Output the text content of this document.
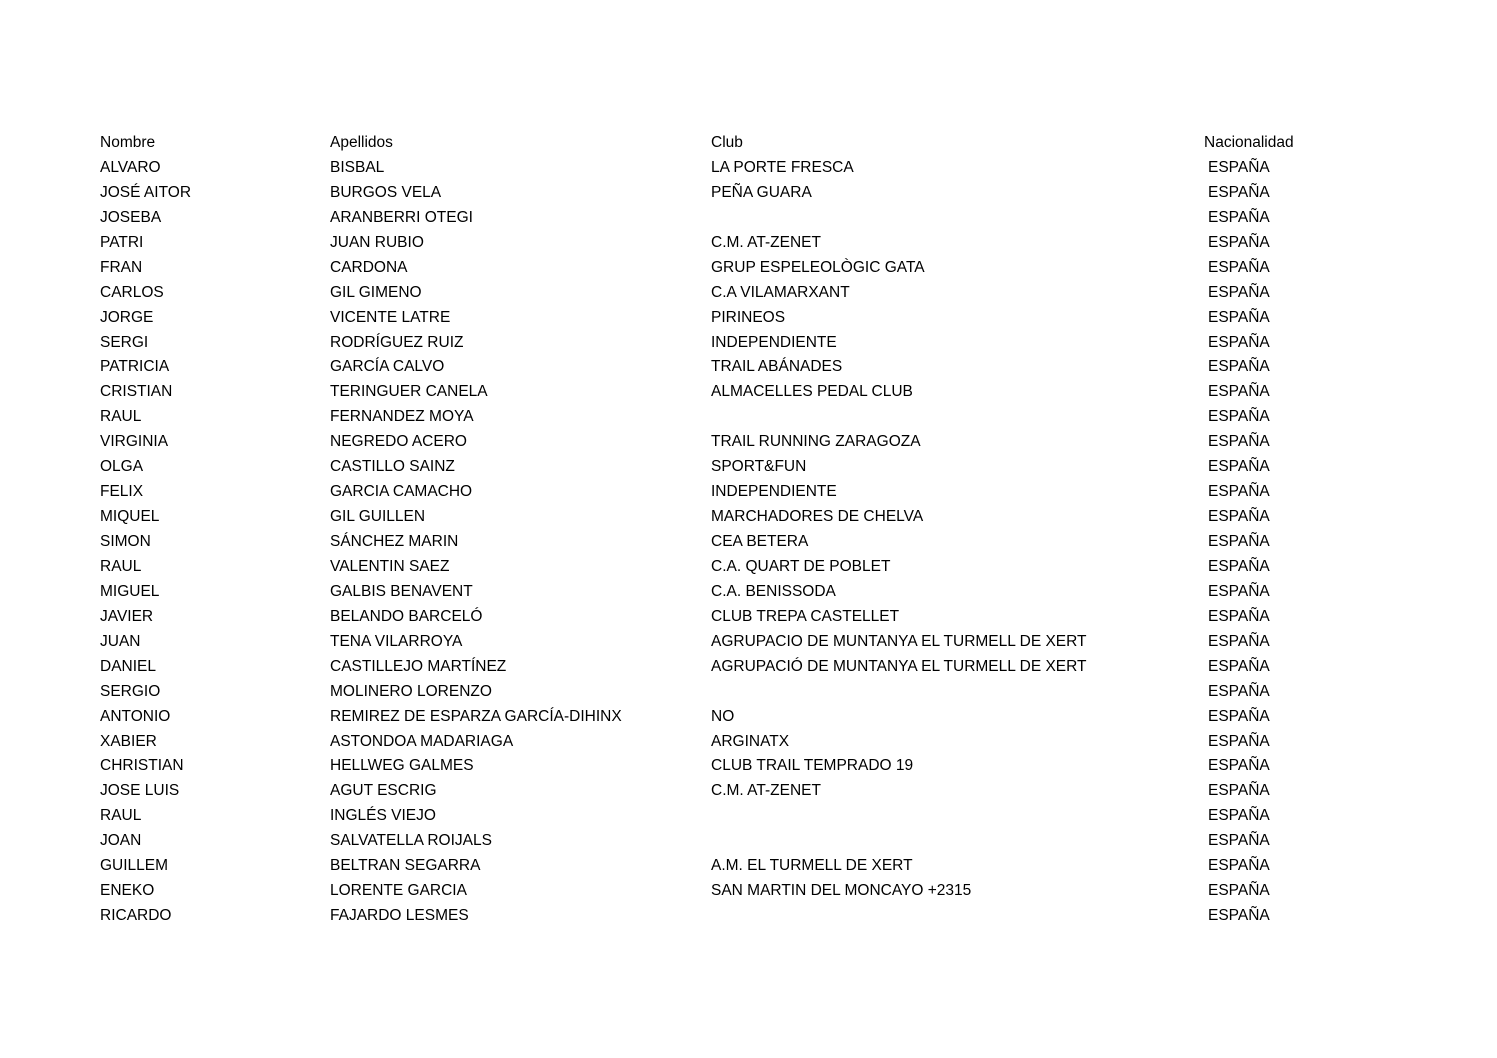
Nombre	Apellidos	Club	Nacionalidad
ALVARO	BISBAL	LA PORTE FRESCA	ESPAÑA
JOSÉ AITOR	BURGOS VELA	PEÑA GUARA	ESPAÑA
JOSEBA	ARANBERRI OTEGI		ESPAÑA
PATRI	JUAN RUBIO	C.M. AT-ZENET	ESPAÑA
FRAN	CARDONA	GRUP ESPELEOLÒGIC GATA	ESPAÑA
CARLOS	GIL GIMENO	C.A VILAMARXANT	ESPAÑA
JORGE	VICENTE LATRE	PIRINEOS	ESPAÑA
SERGI	RODRÍGUEZ RUIZ	INDEPENDIENTE	ESPAÑA
PATRICIA	GARCÍA CALVO	TRAIL ABÁNADES	ESPAÑA
CRISTIAN	TERINGUER CANELA	ALMACELLES PEDAL CLUB	ESPAÑA
RAUL	FERNANDEZ MOYA		ESPAÑA
VIRGINIA	NEGREDO ACERO	TRAIL RUNNING ZARAGOZA	ESPAÑA
OLGA	CASTILLO SAINZ	SPORT&FUN	ESPAÑA
FELIX	GARCIA CAMACHO	INDEPENDIENTE	ESPAÑA
MIQUEL	GIL GUILLEN	MARCHADORES DE CHELVA	ESPAÑA
SIMON	SÁNCHEZ MARIN	CEA BETERA	ESPAÑA
RAUL	VALENTIN SAEZ	C.A. QUART DE POBLET	ESPAÑA
MIGUEL	GALBIS BENAVENT	C.A. BENISSODA	ESPAÑA
JAVIER	BELANDO BARCELÓ	CLUB TREPA CASTELLET	ESPAÑA
JUAN	TENA VILARROYA	AGRUPACIO DE MUNTANYA EL TURMELL DE XERT	ESPAÑA
DANIEL	CASTILLEJO MARTÍNEZ	AGRUPACIÓ DE MUNTANYA EL TURMELL DE XERT	ESPAÑA
SERGIO	MOLINERO LORENZO		ESPAÑA
ANTONIO	REMIREZ DE ESPARZA GARCÍA-DIHINX	NO	ESPAÑA
XABIER	ASTONDOA MADARIAGA	ARGINATX	ESPAÑA
CHRISTIAN	HELLWEG GALMES	CLUB TRAIL TEMPRADO 19	ESPAÑA
JOSE LUIS	AGUT ESCRIG	C.M. AT-ZENET	ESPAÑA
RAUL	INGLÉS VIEJO		ESPAÑA
JOAN	SALVATELLA ROIJALS		ESPAÑA
GUILLEM	BELTRAN SEGARRA	A.M. EL TURMELL DE XERT	ESPAÑA
ENEKO	LORENTE GARCIA	SAN MARTIN DEL MONCAYO +2315	ESPAÑA
RICARDO	FAJARDO LESMES		ESPAÑA
